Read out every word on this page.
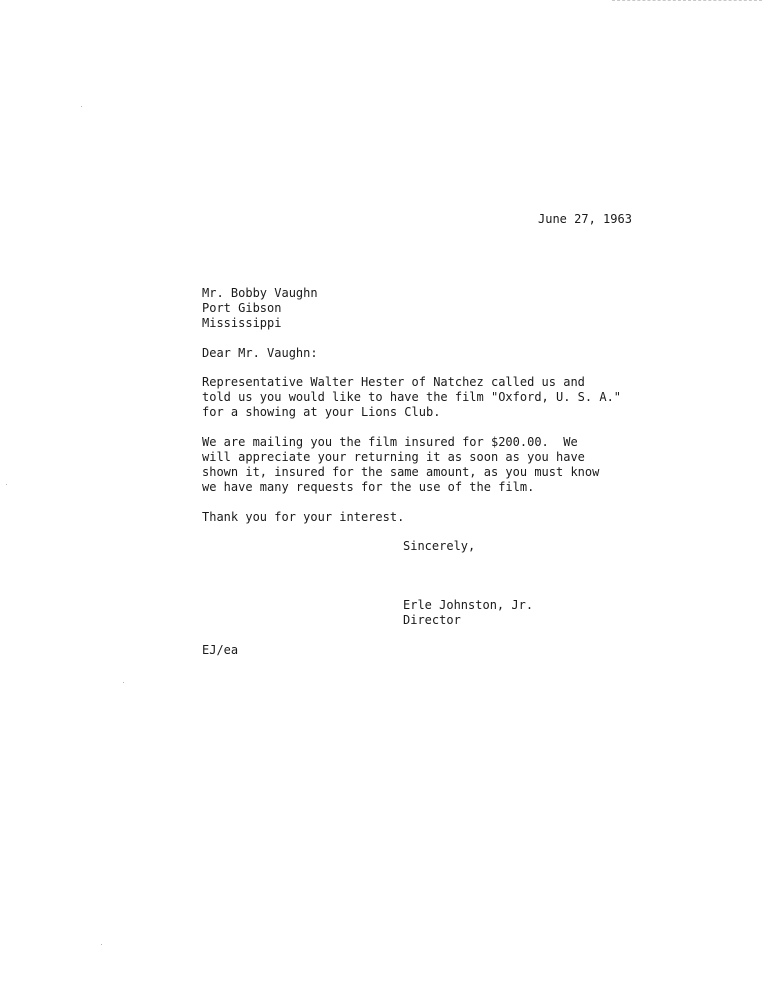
June 27, 1963
Mr. Bobby Vaughn
Port Gibson
Mississippi
Dear Mr. Vaughn:
Representative Walter Hester of Natchez called us and
told us you would like to have the film "Oxford, U. S. A."
for a showing at your Lions Club.
We are mailing you the film insured for $200.00.  We
will appreciate your returning it as soon as you have
shown it, insured for the same amount, as you must know
we have many requests for the use of the film.
Thank you for your interest.
Sincerely,
Erle Johnston, Jr.
Director
EJ/ea
